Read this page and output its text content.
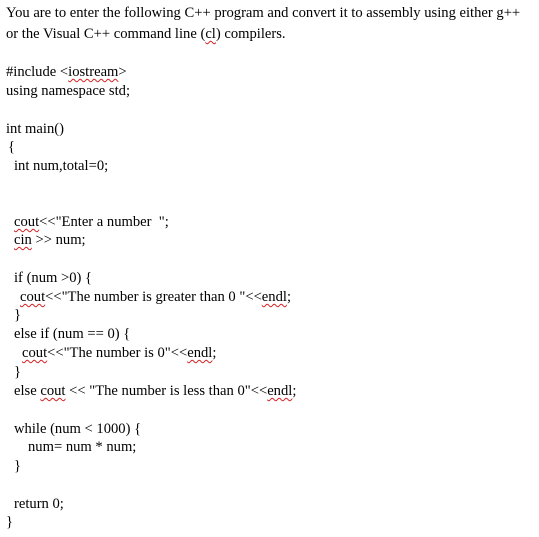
You are to enter the following C++ program and convert it to assembly using either g++
or the Visual C++ command line (cl) compilers.
#include <iostream>
using namespace std;
int main()
{
int num,total=0;
cout<<"Enter a number  ";
cin >> num;
if (num >0) {
cout<<"The number is greater than 0 "<<endl;
}
else if (num == 0) {
cout<<"The number is 0"<<endl;
}
else cout << "The number is less than 0"<<endl;
while (num < 1000) {
num= num * num;
}
return 0;
}
